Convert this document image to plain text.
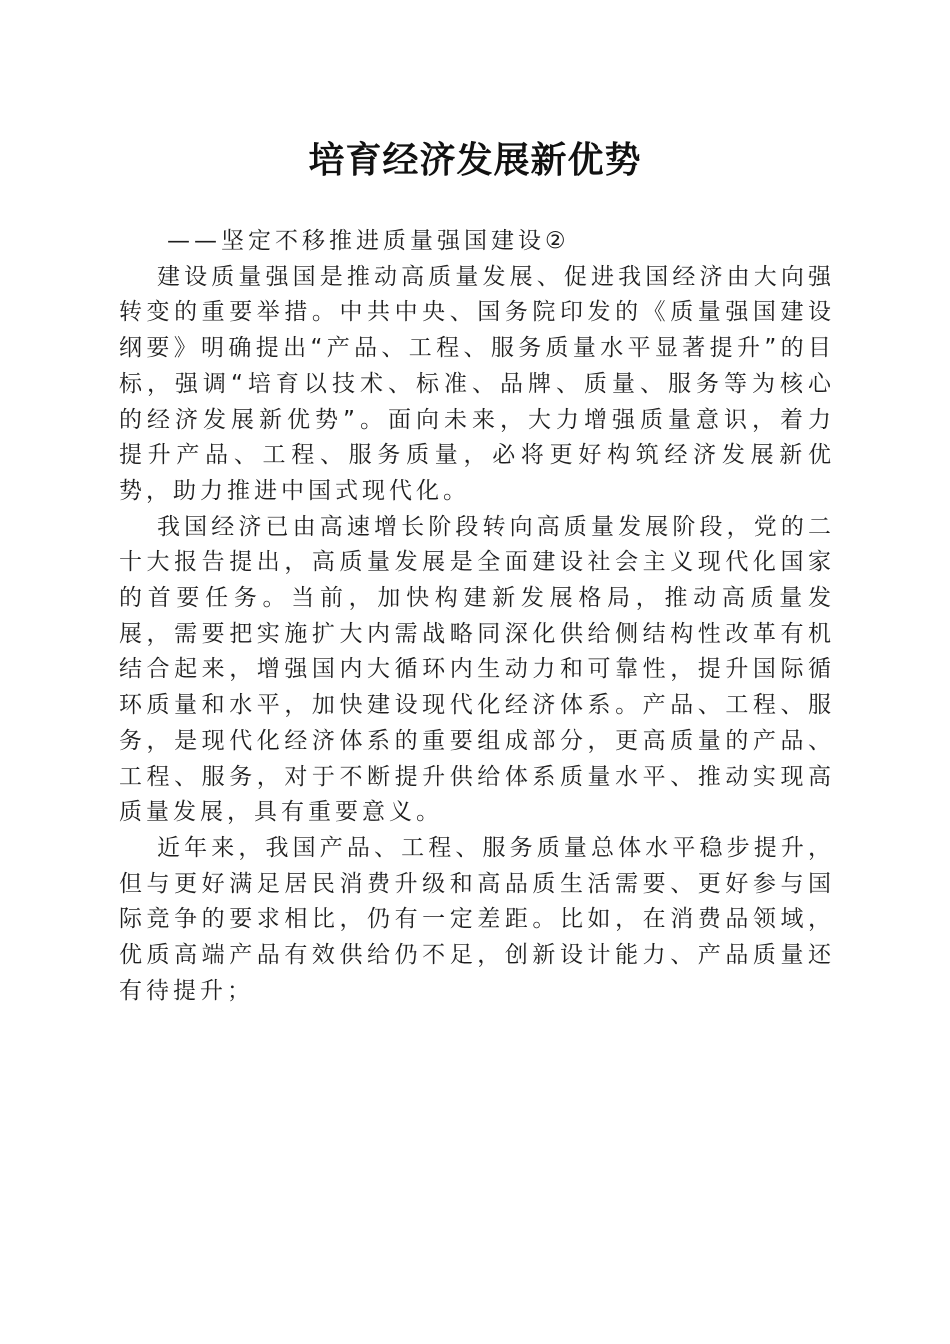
培育经济发展新优势

——坚定不移推进质量强国建设②

建设质量强国是推动高质量发展、促进我国经济由大向强转变的重要举措。中共中央、国务院印发的《质量强国建设纲要》明确提出“产品、工程、服务质量水平显著提升”的目标，强调“培育以技术、标准、品牌、质量、服务等为核心的经济发展新优势”。面向未来，大力增强质量意识，着力提升产品、工程、服务质量，必将更好构筑经济发展新优势，助力推进中国式现代化。

我国经济已由高速增长阶段转向高质量发展阶段，党的二十大报告提出，高质量发展是全面建设社会主义现代化国家的首要任务。当前，加快构建新发展格局，推动高质量发展，需要把实施扩大内需战略同深化供给侧结构性改革有机结合起来，增强国内大循环内生动力和可靠性，提升国际循环质量和水平，加快建设现代化经济体系。产品、工程、服务，是现代化经济体系的重要组成部分，更高质量的产品、工程、服务，对于不断提升供给体系质量水平、推动实现高质量发展，具有重要意义。

近年来，我国产品、工程、服务质量总体水平稳步提升，但与更好满足居民消费升级和高品质生活需要、更好参与国际竞争的要求相比，仍有一定差距。比如，在消费品领域，优质高端产品有效供给仍不足，创新设计能力、产品质量还有待提升；
